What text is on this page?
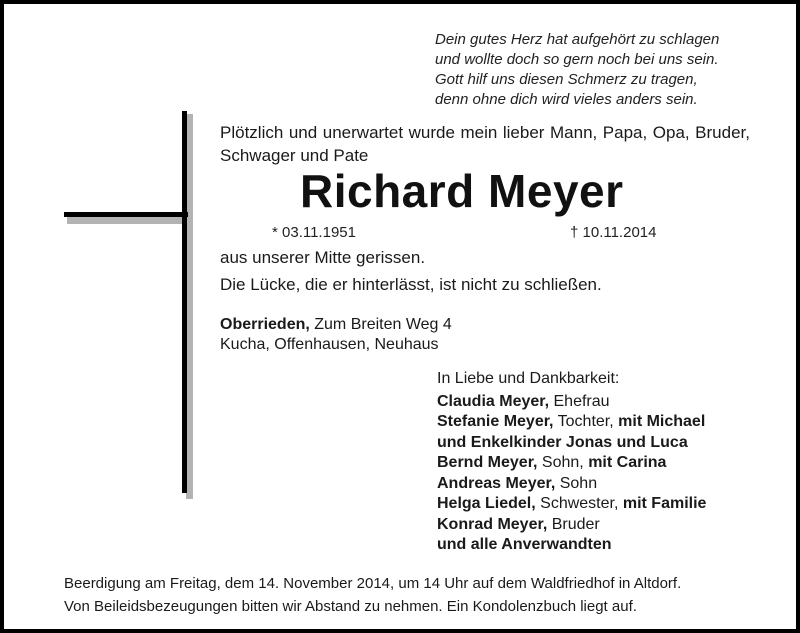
Dein gutes Herz hat aufgehört zu schlagen
und wollte doch so gern noch bei uns sein.
Gott hilf uns diesen Schmerz zu tragen,
denn ohne dich wird vieles anders sein.
Plötzlich und unerwartet wurde mein lieber Mann, Papa, Opa, Bruder, Schwager und Pate
Richard Meyer
* 03.11.1951	† 10.11.2014
aus unserer Mitte gerissen.
Die Lücke, die er hinterlässt, ist nicht zu schließen.
Oberrieden, Zum Breiten Weg 4
Kucha, Offenhausen, Neuhaus
In Liebe und Dankbarkeit:
Claudia Meyer, Ehefrau
Stefanie Meyer, Tochter, mit Michael
und Enkelkinder Jonas und Luca
Bernd Meyer, Sohn, mit Carina
Andreas Meyer, Sohn
Helga Liedel, Schwester, mit Familie
Konrad Meyer, Bruder
und alle Anverwandten
Beerdigung am Freitag, dem 14. November 2014, um 14 Uhr auf dem Waldfriedhof in Altdorf.
Von Beileidsbezeugungen bitten wir Abstand zu nehmen. Ein Kondolenzbuch liegt auf.
